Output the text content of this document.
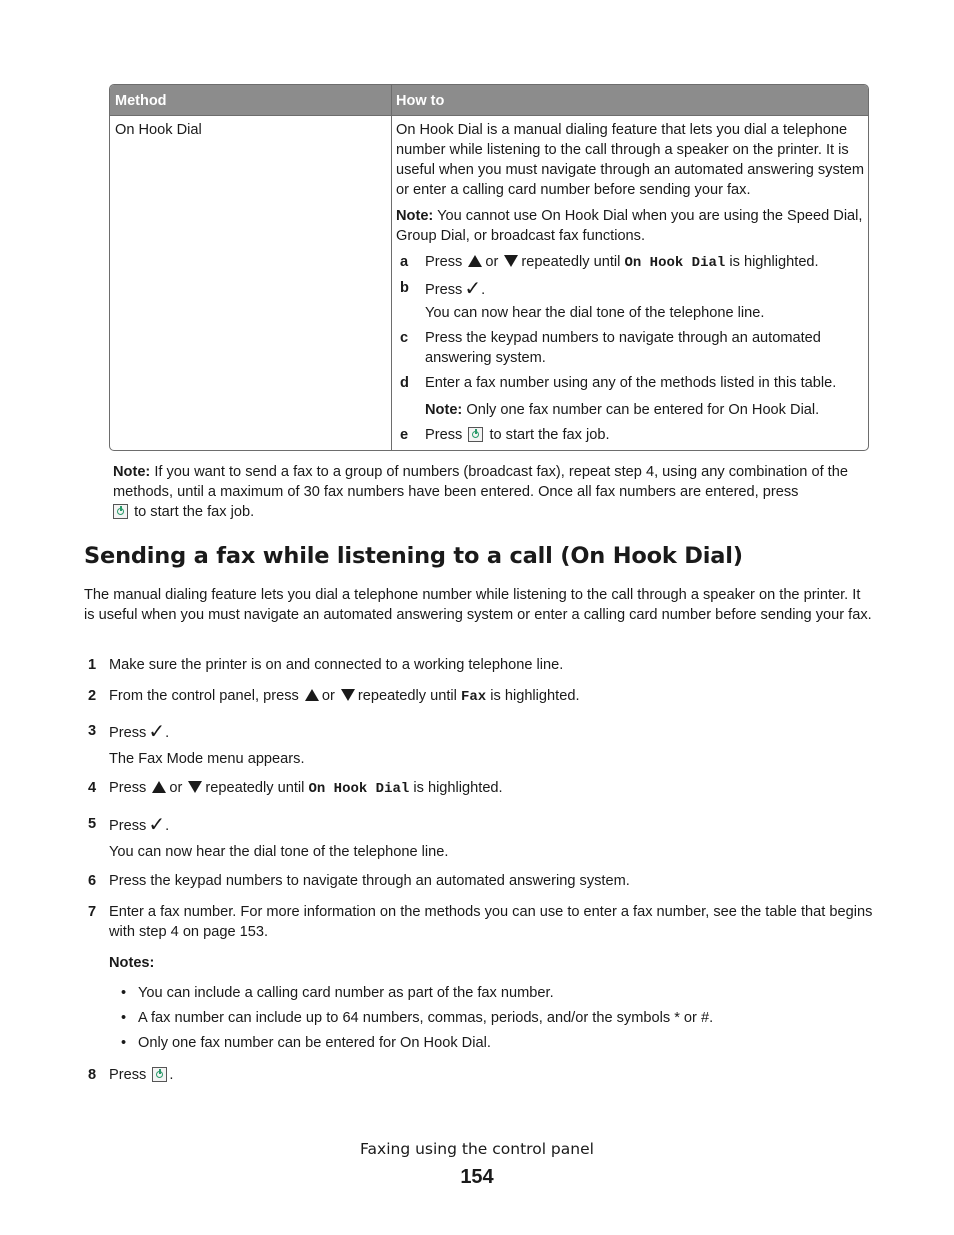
Method	How to
On Hook Dial	On Hook Dial is a manual dialing feature that lets you dial a telephone number while listening to the call through a speaker on the printer. It is useful when you must navigate through an automated answering system or enter a calling card number before sending your fax.

Note: You cannot use On Hook Dial when you are using the Speed Dial, Group Dial, or broadcast fax functions.

a Press or repeatedly until On Hook Dial is highlighted.
b Press ✓.
You can now hear the dial tone of the telephone line.
c Press the keypad numbers to navigate through an automated answering system.
d Enter a fax number using any of the methods listed in this table.
Note: Only one fax number can be entered for On Hook Dial.
e Press to start the fax job.
Note: If you want to send a fax to a group of numbers (broadcast fax), repeat step 4, using any combination of the methods, until a maximum of 30 fax numbers have been entered. Once all fax numbers are entered, press
to start the fax job.
Sending a fax while listening to a call (On Hook Dial)
The manual dialing feature lets you dial a telephone number while listening to the call through a speaker on the printer. It is useful when you must navigate an automated answering system or enter a calling card number before sending your fax.
1 Make sure the printer is on and connected to a working telephone line.
2 From the control panel, press or repeatedly until Fax is highlighted.
3 Press ✓.
The Fax Mode menu appears.
4 Press or repeatedly until On Hook Dial is highlighted.
5 Press ✓.
You can now hear the dial tone of the telephone line.
6 Press the keypad numbers to navigate through an automated answering system.
7 Enter a fax number. For more information on the methods you can use to enter a fax number, see the table that begins with step 4 on page 153.
Notes:
• You can include a calling card number as part of the fax number.
• A fax number can include up to 64 numbers, commas, periods, and/or the symbols * or #.
• Only one fax number can be entered for On Hook Dial.
8 Press .
Faxing using the control panel
154
